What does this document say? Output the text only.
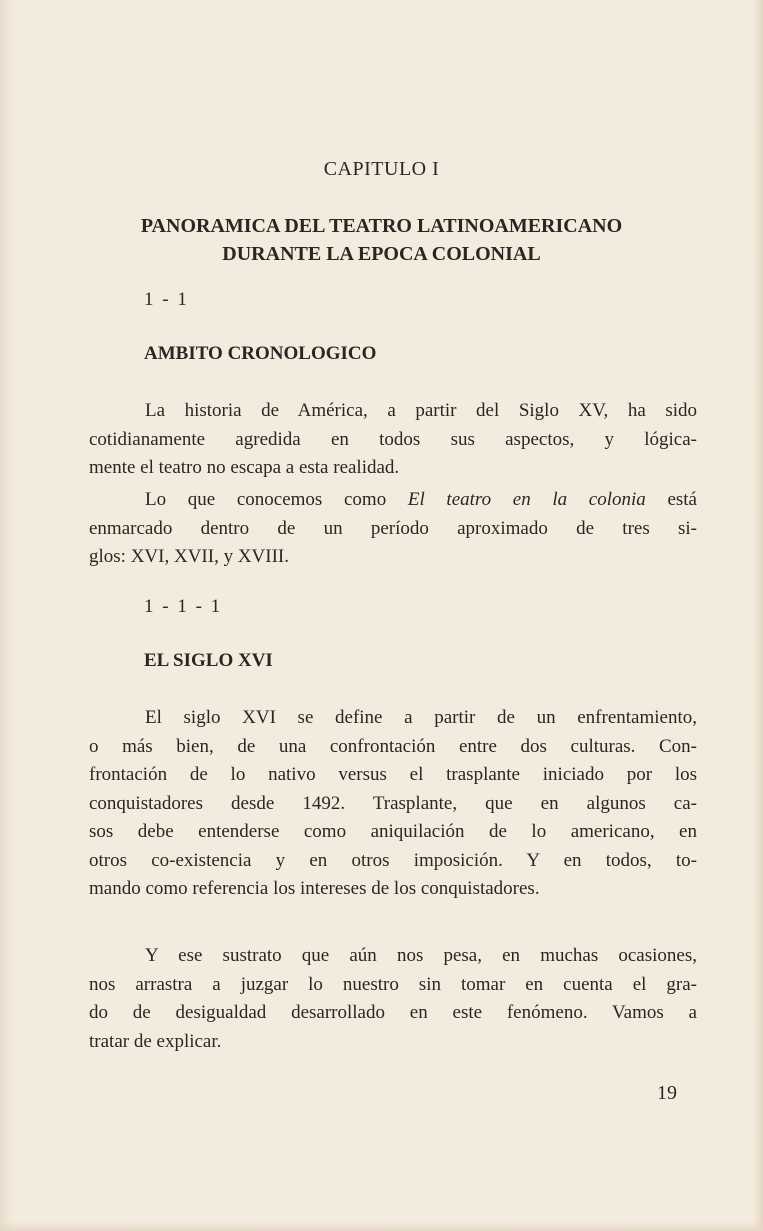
CAPITULO I
PANORAMICA DEL TEATRO LATINOAMERICANO
DURANTE LA EPOCA COLONIAL
1 - 1
AMBITO CRONOLOGICO
La historia de América, a partir del Siglo XV, ha sido
cotidianamente agredida en todos sus aspectos, y lógica-
mente el teatro no escapa a esta realidad.
Lo que conocemos como El teatro en la colonia está
enmarcado dentro de un período aproximado de tres si-
glos: XVI, XVII, y XVIII.
1 - 1 - 1
EL SIGLO XVI
El siglo XVI se define a partir de un enfrentamiento,
o más bien, de una confrontación entre dos culturas. Con-
frontación de lo nativo versus el trasplante iniciado por los
conquistadores desde 1492. Trasplante, que en algunos ca-
sos debe entenderse como aniquilación de lo americano, en
otros co-existencia y en otros imposición. Y en todos, to-
mando como referencia los intereses de los conquistadores.
Y ese sustrato que aún nos pesa, en muchas ocasiones,
nos arrastra a juzgar lo nuestro sin tomar en cuenta el gra-
do de desigualdad desarrollado en este fenómeno. Vamos a
tratar de explicar.
19
